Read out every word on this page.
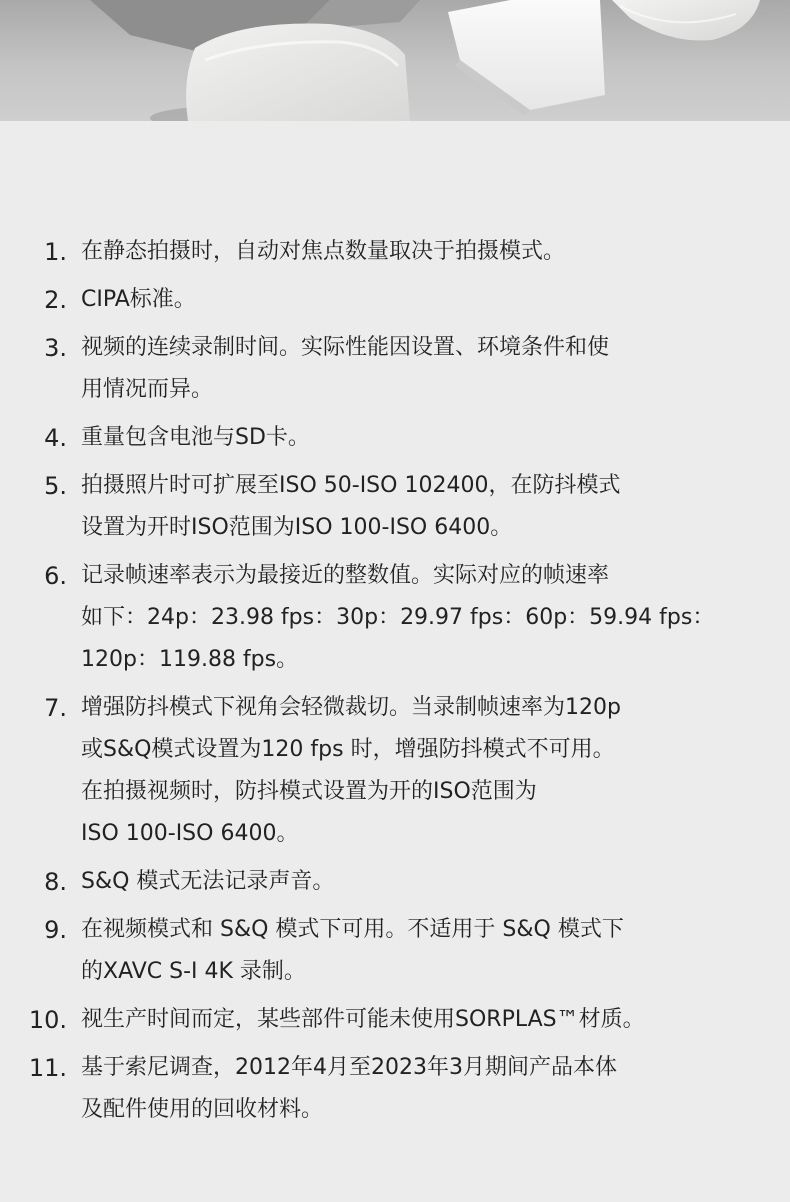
1. 在静态拍摄时，自动对焦点数量取决于拍摄模式。
2. CIPA标准。
3. 视频的连续录制时间。实际性能因设置、环境条件和使
用情况而异。
4. 重量包含电池与SD卡。
5. 拍摄照片时可扩展至ISO 50-ISO 102400，在防抖模式
设置为开时ISO范围为ISO 100-ISO 6400。
6. 记录帧速率表示为最接近的整数值。实际对应的帧速率
如下：24p：23.98 fps：30p：29.97 fps：60p：59.94 fps：
120p：119.88 fps。
7. 增强防抖模式下视角会轻微裁切。当录制帧速率为120p
或S&Q模式设置为120 fps 时，增强防抖模式不可用。
在拍摄视频时，防抖模式设置为开的ISO范围为
ISO 100-ISO 6400。
8. S&Q 模式无法记录声音。
9. 在视频模式和 S&Q 模式下可用。不适用于 S&Q 模式下
的XAVC S-I 4K 录制。
10. 视生产时间而定，某些部件可能未使用SORPLAS™材质。
11. 基于索尼调查，2012年4月至2023年3月期间产品本体
及配件使用的回收材料。
